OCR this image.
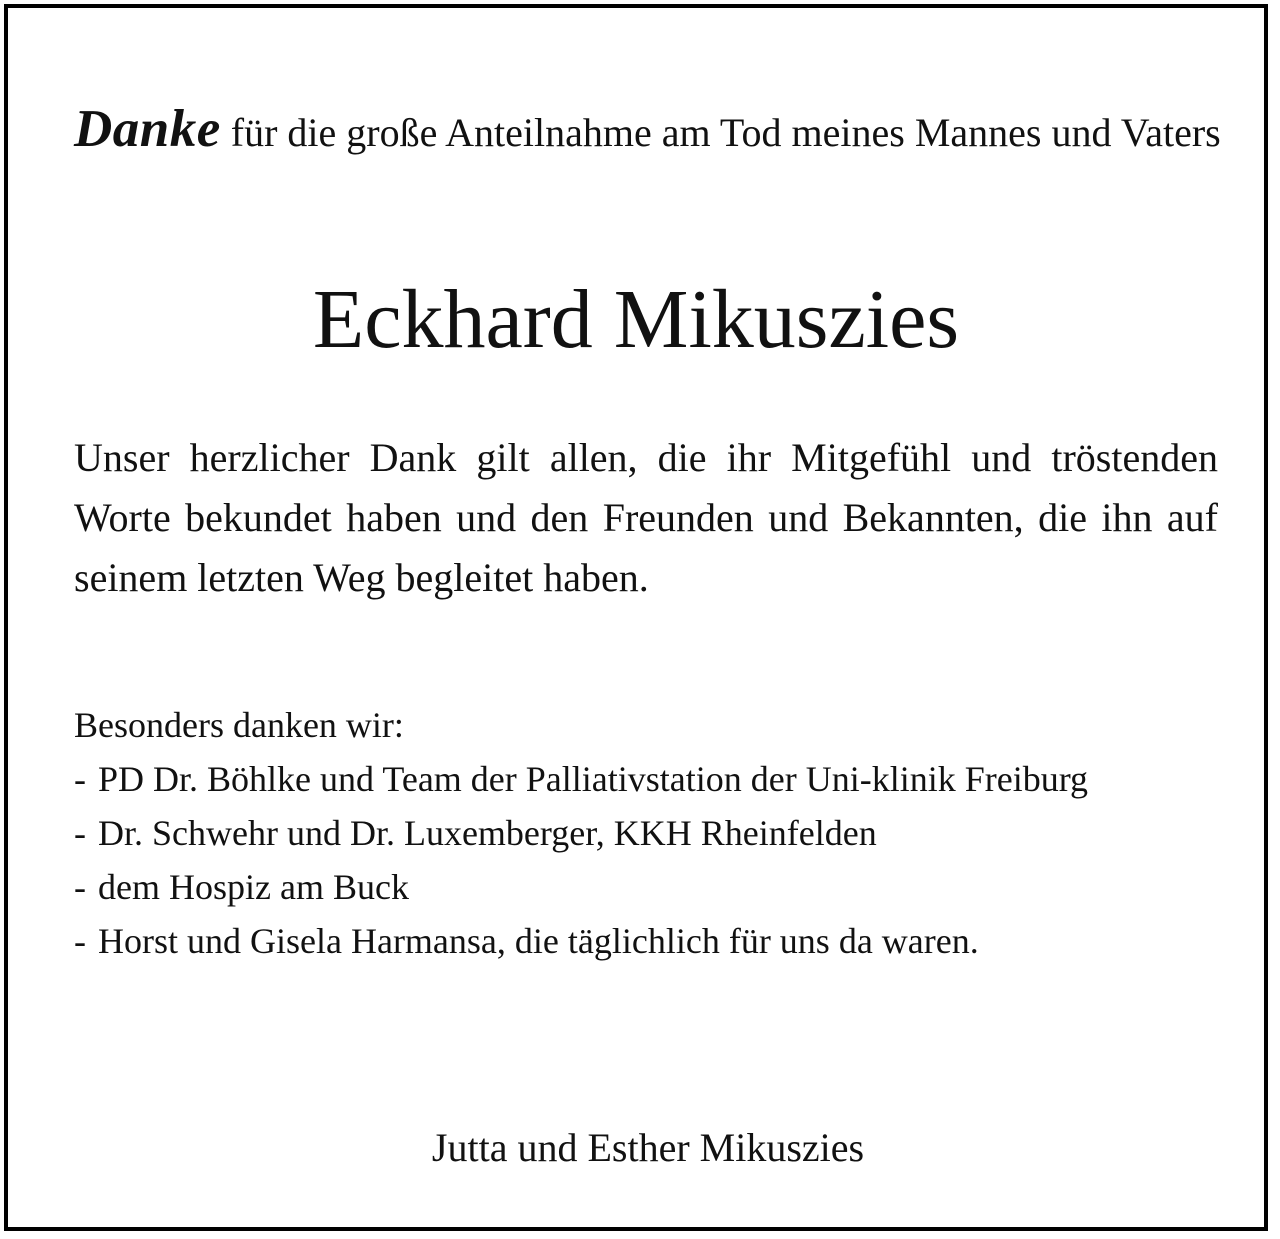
Danke für die große Anteilnahme am Tod meines Mannes und Vaters
Eckhard Mikuszies
Unser herzlicher Dank gilt allen, die ihr Mitgefühl und tröstenden Worte bekundet haben und den Freunden und Bekannten, die ihn auf seinem letzten Weg begleitet haben.
Besonders danken wir:
- PD Dr. Böhlke und Team der Palliativstation der Uni-klinik Freiburg
- Dr. Schwehr und Dr. Luxemberger, KKH Rheinfelden
- dem Hospiz am Buck
- Horst und Gisela Harmansa, die täglichlich für uns da waren.
Jutta und Esther Mikuszies
